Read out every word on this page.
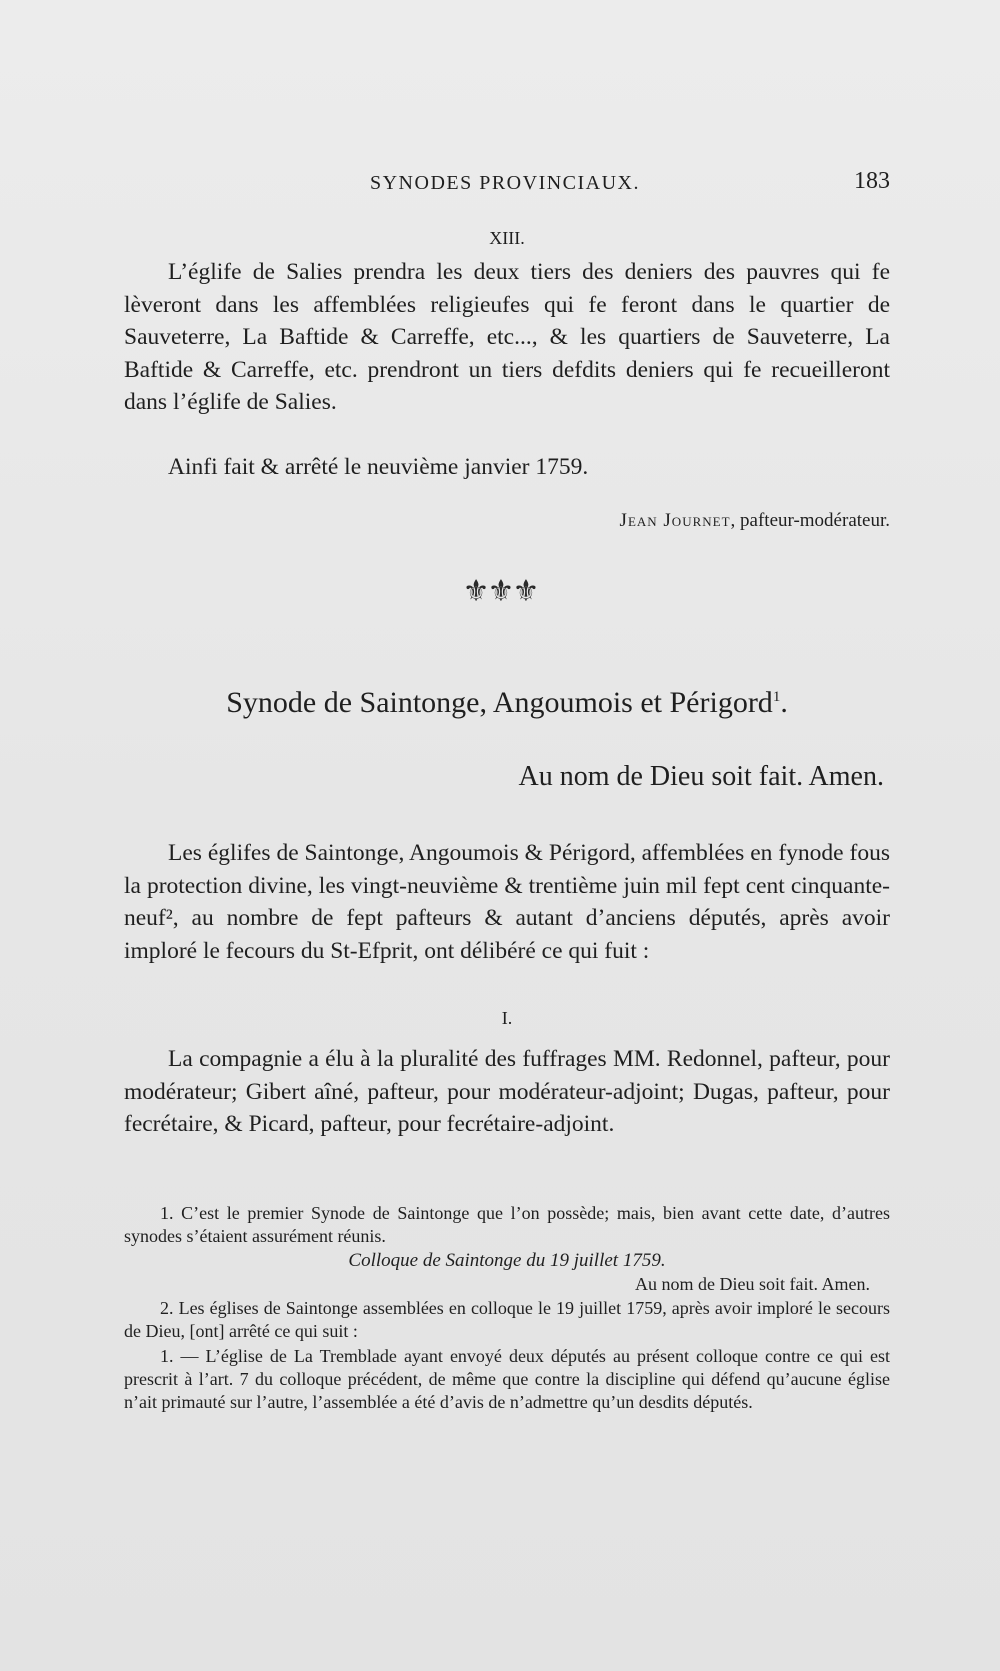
SYNODES PROVINCIAUX.	183
XIII.

L’églife de Salies prendra les deux tiers des deniers des pauvres qui fe lèveront dans les affemblées religieufes qui fe feront dans le quartier de Sauveterre, La Baftide & Carreffe, etc..., & les quartiers de Sauveterre, La Baftide & Carreffe, etc. prendront un tiers defdits deniers qui fe recueilleront dans l’églife de Salies.

Ainfi fait & arrêté le neuvième janvier 1759.

Jean Journet, pafteur-modérateur.
⚜⚜⚜
Synode de Saintonge, Angoumois et Périgord$^1$.
Au nom de Dieu soit fait. Amen.

Les églifes de Saintonge, Angoumois & Périgord, affemblées en fynode fous la protection divine, les vingt-neuvième & trentième juin mil fept cent cinquante-neuf², au nombre de fept pafteurs & autant d’anciens députés, après avoir imploré le fecours du St-Efprit, ont délibéré ce qui fuit :

I.

La compagnie a élu à la pluralité des fuffrages MM. Redonnel, pafteur, pour modérateur; Gibert aîné, pafteur, pour modérateur-adjoint; Dugas, pafteur, pour fecrétaire, & Picard, pafteur, pour fecrétaire-adjoint.

1. C’est le premier Synode de Saintonge que l’on possède; mais, bien avant cette date, d’autres synodes s’étaient assurément réunis.

Colloque de Saintonge du 19 juillet 1759.
Au nom de Dieu soit fait. Amen.

2. Les églises de Saintonge assemblées en colloque le 19 juillet 1759, après avoir imploré le secours de Dieu, [ont] arrêté ce qui suit :

1. — L’église de La Tremblade ayant envoyé deux députés au présent colloque contre ce qui est prescrit à l’art. 7 du colloque précédent, de même que contre la discipline qui défend qu’aucune église n’ait primauté sur l’autre, l’assemblée a été d’avis de n’admettre qu’un desdits députés.
